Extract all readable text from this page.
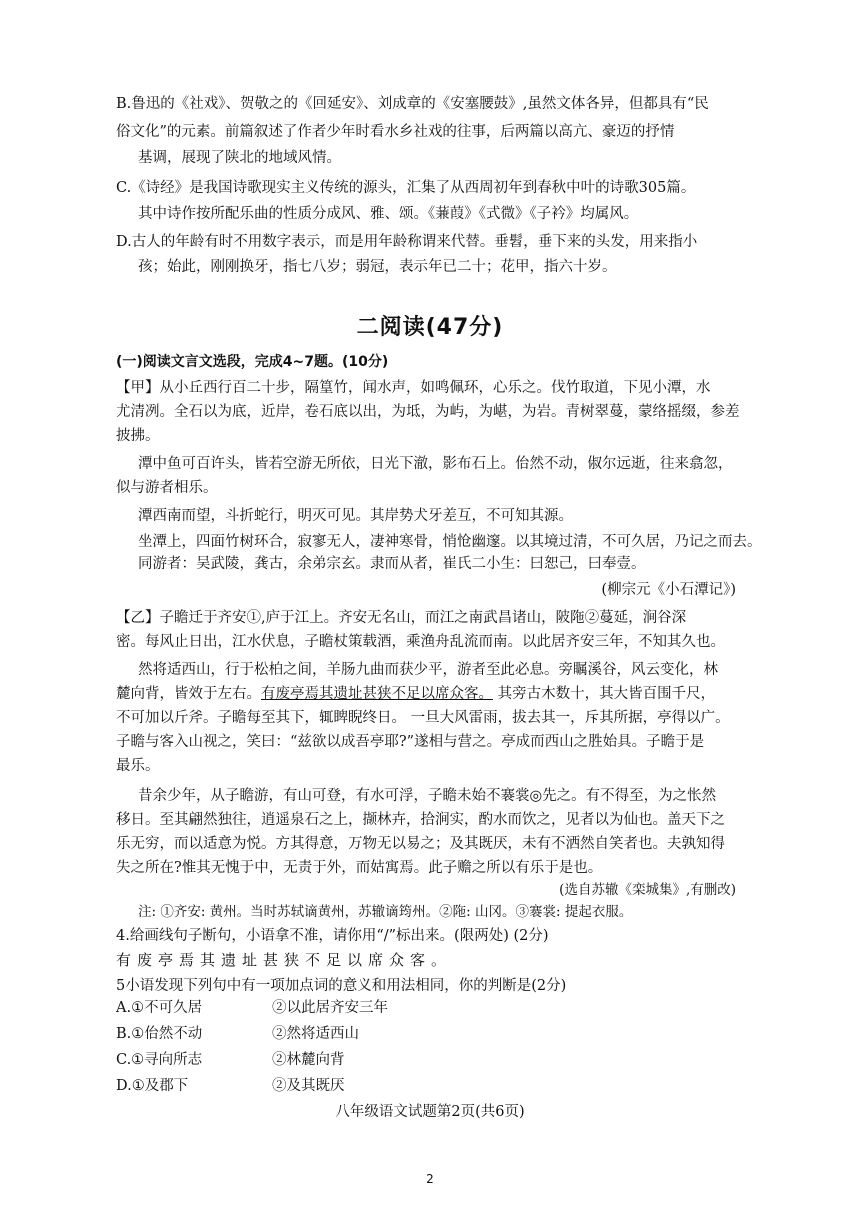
B.鲁迅的《社戏》、贺敬之的《回延安》、刘成章的《安塞腰鼓》,虽然文体各异，但都具有“民

俗文化”的元素。前篇叙述了作者少年时看水乡社戏的往事，后两篇以高亢、豪迈的抒情

基调，展现了陕北的地域风情。

C.《诗经》是我国诗歌现实主义传统的源头，汇集了从西周初年到春秋中叶的诗歌305篇。

其中诗作按所配乐曲的性质分成风、雅、颂。《蒹葭》《式微》《子衿》均属风。

D.古人的年龄有时不用数字表示，而是用年龄称谓来代替。垂髫，垂下来的头发，用来指小

孩；始此，刚刚换牙，指七八岁；弱冠，表示年已二十；花甲，指六十岁。

二阅读(47分)

(一)阅读文言文选段，完成4~7题。(10分)

【甲】从小丘西行百二十步，隔篁竹，闻水声，如鸣佩环，心乐之。伐竹取道，下见小潭，水

尤清冽。全石以为底，近岸，卷石底以出，为坻，为屿，为嵁，为岩。青树翠蔓，蒙络摇缀，参差

披拂。

潭中鱼可百许头，皆若空游无所依，日光下澈，影布石上。佁然不动，俶尔远逝，往来翕忽，

似与游者相乐。

潭西南而望，斗折蛇行，明灭可见。其岸势犬牙差互，不可知其源。

坐潭上，四面竹树环合，寂寥无人，凄神寒骨，悄怆幽邃。以其境过清，不可久居，乃记之而去。

同游者：吴武陵，龚古，余弟宗玄。隶而从者，崔氏二小生：曰恕己，曰奉壹。

(柳宗元《小石潭记》)

【乙】子瞻迁于齐安①,庐于江上。齐安无名山，而江之南武昌诸山，陂陁②蔓延，涧谷深

密。每风止日出，江水伏息，子瞻杖策载酒，乘渔舟乱流而南。以此居齐安三年，不知其久也。

然将适西山，行于松柏之间，羊肠九曲而获少平，游者至此必息。旁瞩溪谷，风云变化，林

麓向背，皆效于左右。有废亭焉其遗址甚狭不足以席众客。 其旁古木数十，其大皆百围千尺，

不可加以斤斧。子瞻每至其下，辄睥睨终日。 一旦大风雷雨，拔去其一，斥其所据，亭得以广。

子瞻与客入山视之，笑曰：“兹欲以成吾亭耶?”遂相与营之。亭成而西山之胜始具。子瞻于是

最乐。

昔余少年，从子瞻游，有山可登，有水可浮，子瞻未始不褰裳◎先之。有不得至，为之怅然

移日。至其翩然独往，逍遥泉石之上，撷林卉，拾涧实，酌水而饮之，见者以为仙也。盖天下之

乐无穷，而以适意为悦。方其得意，万物无以易之；及其既厌，未有不洒然自笑者也。夫孰知得

失之所在?惟其无愧于中，无责于外，而姑寓焉。此子赡之所以有乐于是也。

(选自苏辙《栾城集》,有删改)

注: ①齐安: 黄州。当时苏轼谪黄州，苏辙谪筠州。②陁: 山冈。③褰裳: 提起衣服。

4.给画线句子断句，小语拿不准，请你用“/”标出来。(限两处) (2分)

有废亭焉其遗址甚狭不足以席众客。

5小语发现下列句中有一项加点词的意义和用法相同，你的判断是(2分)

A.①不可久居	②以此居齐安三年
B.①佁然不动	②然将适西山
C.①寻向所志	②林麓向背
D.①及郡下	②及其既厌
八年级语文试题第2页(共6页)
2
